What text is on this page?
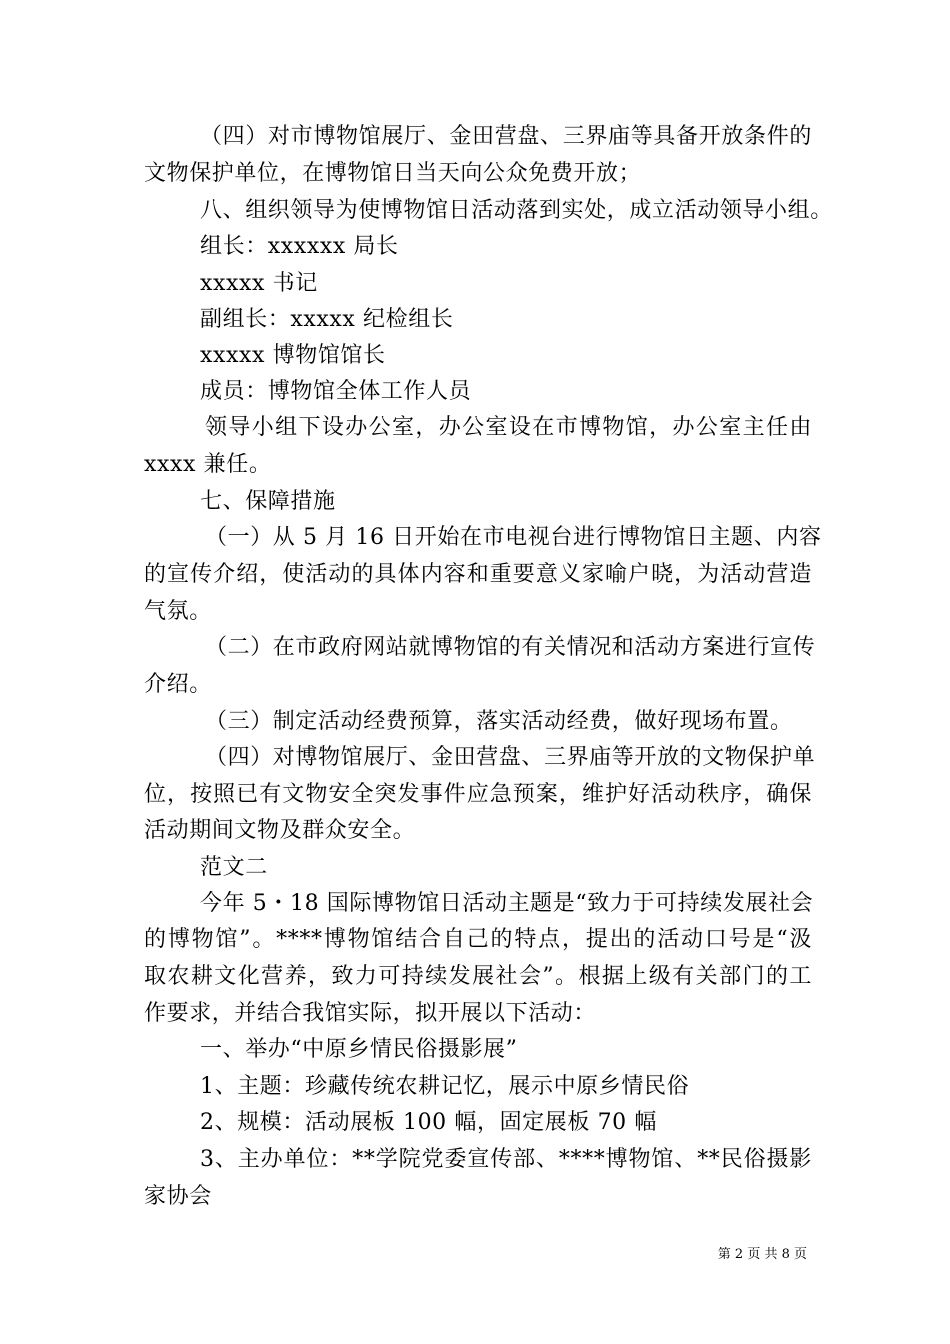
（四）对市博物馆展厅、金田营盘、三界庙等具备开放条件的
文物保护单位，在博物馆日当天向公众免费开放；
八、组织领导为使博物馆日活动落到实处，成立活动领导小组。
组长：xxxxxx 局长
xxxxx 书记
副组长：xxxxx 纪检组长
xxxxx 博物馆馆长
成员：博物馆全体工作人员
领导小组下设办公室，办公室设在市博物馆，办公室主任由
xxxx 兼任。
七、保障措施
（一）从 5 月 16 日开始在市电视台进行博物馆日主题、内容
的宣传介绍，使活动的具体内容和重要意义家喻户晓，为活动营造
气氛。
（二）在市政府网站就博物馆的有关情况和活动方案进行宣传
介绍。
（三）制定活动经费预算，落实活动经费，做好现场布置。
（四）对博物馆展厅、金田营盘、三界庙等开放的文物保护单
位，按照已有文物安全突发事件应急预案，维护好活动秩序，确保
活动期间文物及群众安全。
范文二
今年 5・18 国际博物馆日活动主题是“致力于可持续发展社会
的博物馆”。****博物馆结合自己的特点，提出的活动口号是“汲
取农耕文化营养，致力可持续发展社会”。根据上级有关部门的工
作要求，并结合我馆实际，拟开展以下活动：
一、举办“中原乡情民俗摄影展”
1、主题：珍藏传统农耕记忆，展示中原乡情民俗
2、规模：活动展板 100 幅，固定展板 70 幅
3、主办单位：**学院党委宣传部、****博物馆、**民俗摄影
家协会
第 2 页 共 8 页
